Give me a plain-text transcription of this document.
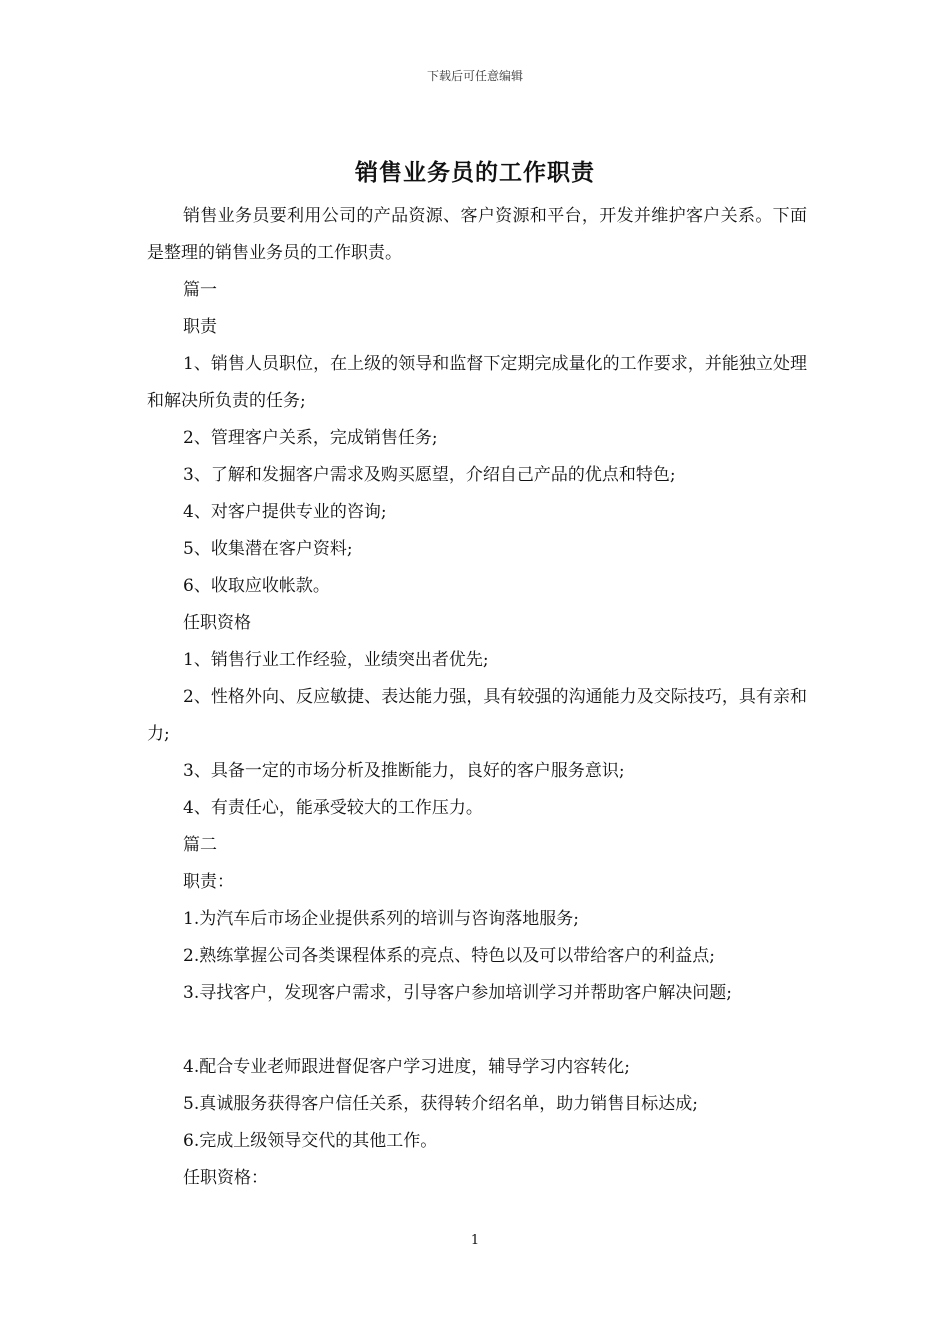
下载后可任意编辑
销售业务员的工作职责

销售业务员要利用公司的产品资源、客户资源和平台，开发并维护客户关系。下面是整理的销售业务员的工作职责。

篇一

职责

1、销售人员职位，在上级的领导和监督下定期完成量化的工作要求，并能独立处理和解决所负责的任务;

2、管理客户关系，完成销售任务;

3、了解和发掘客户需求及购买愿望，介绍自己产品的优点和特色;

4、对客户提供专业的咨询;

5、收集潜在客户资料;

6、收取应收帐款。

任职资格

1、销售行业工作经验，业绩突出者优先;

2、性格外向、反应敏捷、表达能力强，具有较强的沟通能力及交际技巧，具有亲和力;

3、具备一定的市场分析及推断能力，良好的客户服务意识;

4、有责任心，能承受较大的工作压力。

篇二

职责：

1.为汽车后市场企业提供系列的培训与咨询落地服务;

2.熟练掌握公司各类课程体系的亮点、特色以及可以带给客户的利益点;

3.寻找客户，发现客户需求，引导客户参加培训学习并帮助客户解决问题;

4.配合专业老师跟进督促客户学习进度，辅导学习内容转化;

5.真诚服务获得客户信任关系，获得转介绍名单，助力销售目标达成;

6.完成上级领导交代的其他工作。

任职资格：

1
